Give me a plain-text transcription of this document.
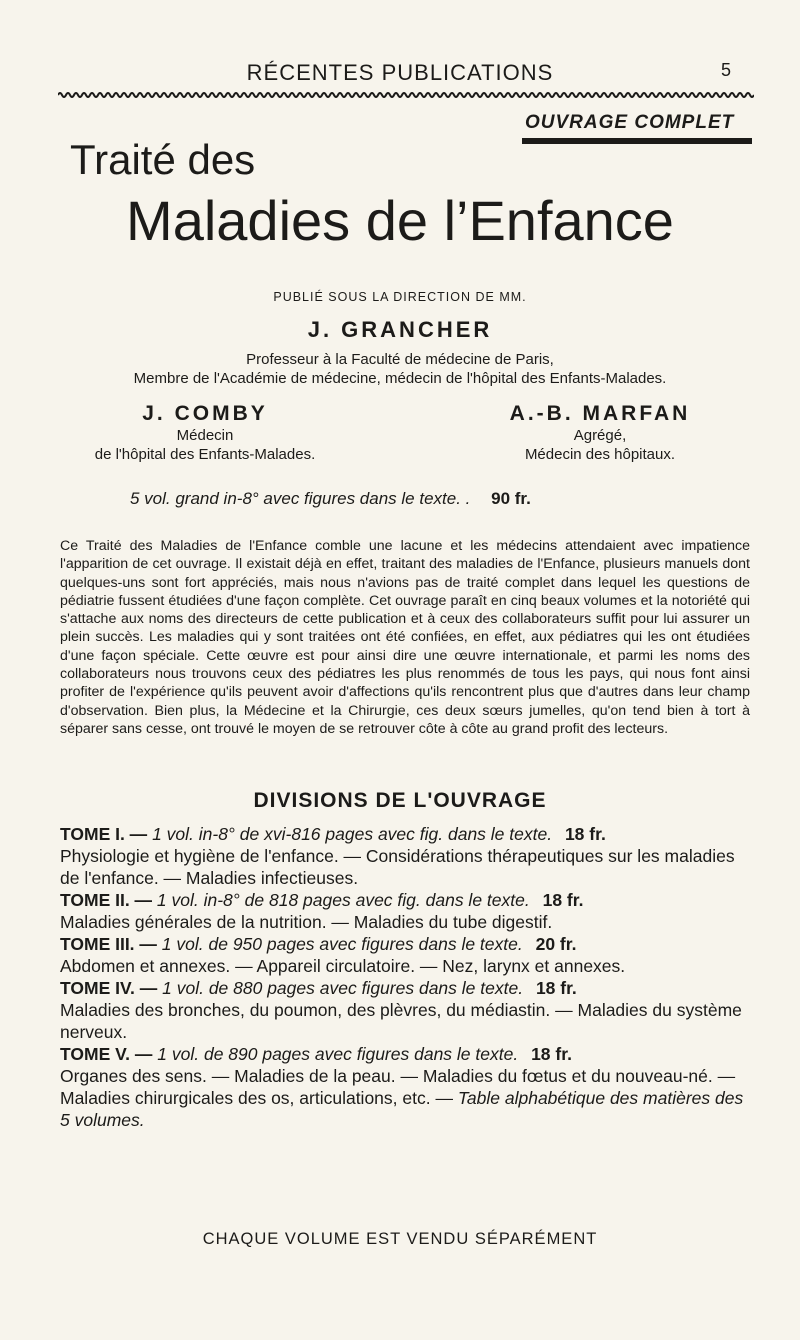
RÉCENTES PUBLICATIONS	5
OUVRAGE COMPLET
Traité des
Maladies de l’Enfance
PUBLIÉ SOUS LA DIRECTION DE MM.
J. GRANCHER
Professeur à la Faculté de médecine de Paris,
Membre de l'Académie de médecine, médecin de l'hôpital des Enfants-Malades.
J. COMBY
Médecin
de l'hôpital des Enfants-Malades.
A.-B. MARFAN
Agrégé,
Médecin des hôpitaux.
5 vol. grand in-8° avec figures dans le texte. . 90 fr.
Ce Traité des Maladies de l'Enfance comble une lacune et les médecins attendaient avec impatience l'apparition de cet ouvrage. Il existait déjà en effet, traitant des maladies de l'Enfance, plusieurs manuels dont quelques-uns sont fort appréciés, mais nous n'avions pas de traité complet dans lequel les questions de pédiatrie fussent étudiées d'une façon complète. Cet ouvrage paraît en cinq beaux volumes et la notoriété qui s'attache aux noms des directeurs de cette publication et à ceux des collaborateurs suffit pour lui assurer un plein succès. Les maladies qui y sont traitées ont été confiées, en effet, aux pédiatres qui les ont étudiées d'une façon spéciale. Cette œuvre est pour ainsi dire une œuvre internationale, et parmi les noms des collaborateurs nous trouvons ceux des pédiatres les plus renommés de tous les pays, qui nous font ainsi profiter de l'expérience qu'ils peuvent avoir d'affections qu'ils rencontrent plus que d'autres dans leur champ d'observation. Bien plus, la Médecine et la Chirurgie, ces deux sœurs jumelles, qu'on tend bien à tort à séparer sans cesse, ont trouvé le moyen de se retrouver côte à côte au grand profit des lecteurs.
DIVISIONS DE L'OUVRAGE
TOME I. — 1 vol. in-8° de xvi-816 pages avec fig. dans le texte. 18 fr.
Physiologie et hygiène de l'enfance. — Considérations thérapeutiques sur les maladies de l'enfance. — Maladies infectieuses.
TOME II. — 1 vol. in-8° de 818 pages avec fig. dans le texte. 18 fr.
Maladies générales de la nutrition. — Maladies du tube digestif.
TOME III. — 1 vol. de 950 pages avec figures dans le texte. 20 fr.
Abdomen et annexes. — Appareil circulatoire. — Nez, larynx et annexes.
TOME IV. — 1 vol. de 880 pages avec figures dans le texte. 18 fr.
Maladies des bronches, du poumon, des plèvres, du médiastin. — Maladies du système nerveux.
TOME V. — 1 vol. de 890 pages avec figures dans le texte. 18 fr.
Organes des sens. — Maladies de la peau. — Maladies du fœtus et du nouveau-né. — Maladies chirurgicales des os, articulations, etc. — Table alphabétique des matières des 5 volumes.
CHAQUE VOLUME EST VENDU SÉPARÉMENT
